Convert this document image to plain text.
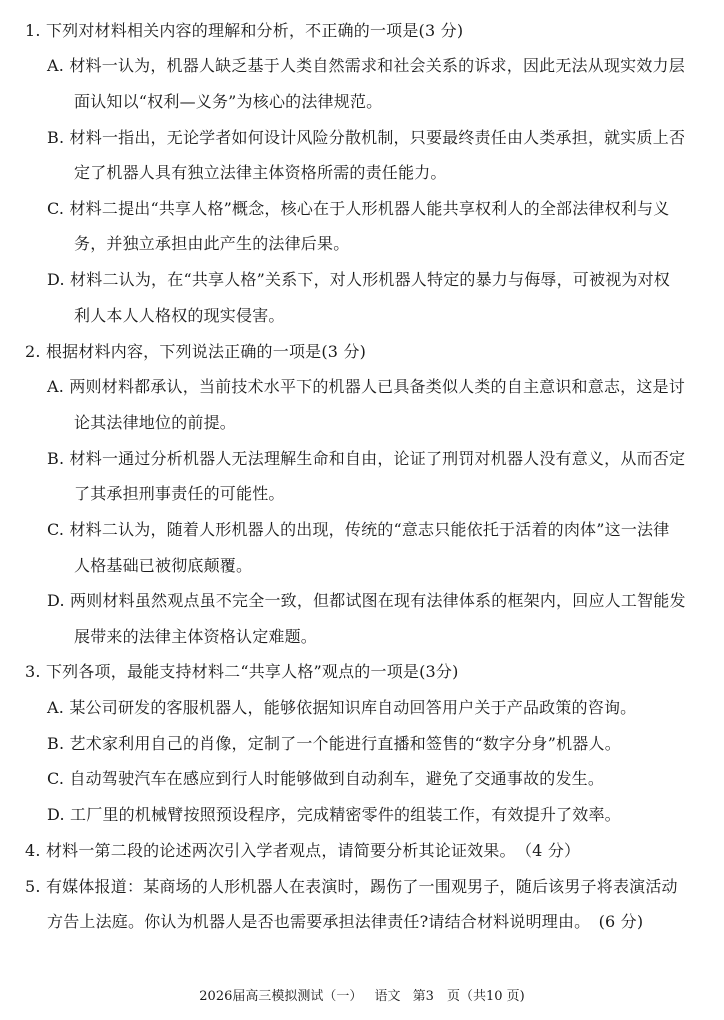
1. 下列对材料相关内容的理解和分析，不正确的一项是(3 分)
A. 材料一认为，机器人缺乏基于人类自然需求和社会关系的诉求，因此无法从现实效力层
面认知以“权利—义务”为核心的法律规范。
B. 材料一指出，无论学者如何设计风险分散机制，只要最终责任由人类承担，就实质上否
定了机器人具有独立法律主体资格所需的责任能力。
C. 材料二提出“共享人格”概念，核心在于人形机器人能共享权利人的全部法律权利与义
务，并独立承担由此产生的法律后果。
D. 材料二认为，在“共享人格”关系下，对人形机器人特定的暴力与侮辱，可被视为对权
利人本人人格权的现实侵害。
2. 根据材料内容，下列说法正确的一项是(3 分)
A. 两则材料都承认，当前技术水平下的机器人已具备类似人类的自主意识和意志，这是讨
论其法律地位的前提。
B. 材料一通过分析机器人无法理解生命和自由，论证了刑罚对机器人没有意义，从而否定
了其承担刑事责任的可能性。
C. 材料二认为，随着人形机器人的出现，传统的“意志只能依托于活着的肉体”这一法律
人格基础已被彻底颠覆。
D. 两则材料虽然观点虽不完全一致，但都试图在现有法律体系的框架内，回应人工智能发
展带来的法律主体资格认定难题。
3. 下列各项，最能支持材料二“共享人格”观点的一项是(3分)
A. 某公司研发的客服机器人，能够依据知识库自动回答用户关于产品政策的咨询。
B. 艺术家利用自己的肖像，定制了一个能进行直播和签售的“数字分身”机器人。
C. 自动驾驶汽车在感应到行人时能够做到自动刹车，避免了交通事故的发生。
D. 工厂里的机械臂按照预设程序，完成精密零件的组装工作，有效提升了效率。
4. 材料一第二段的论述两次引入学者观点，请简要分析其论证效果。　（4 分）
5. 有媒体报道：某商场的人形机器人在表演时，踢伤了一围观男子，随后该男子将表演活动
方告上法庭。你认为机器人是否也需要承担法律责任?请结合材料说明理由。　(6 分)
2026届高三模拟测试（一） 语文 第3　页（共10 页)
